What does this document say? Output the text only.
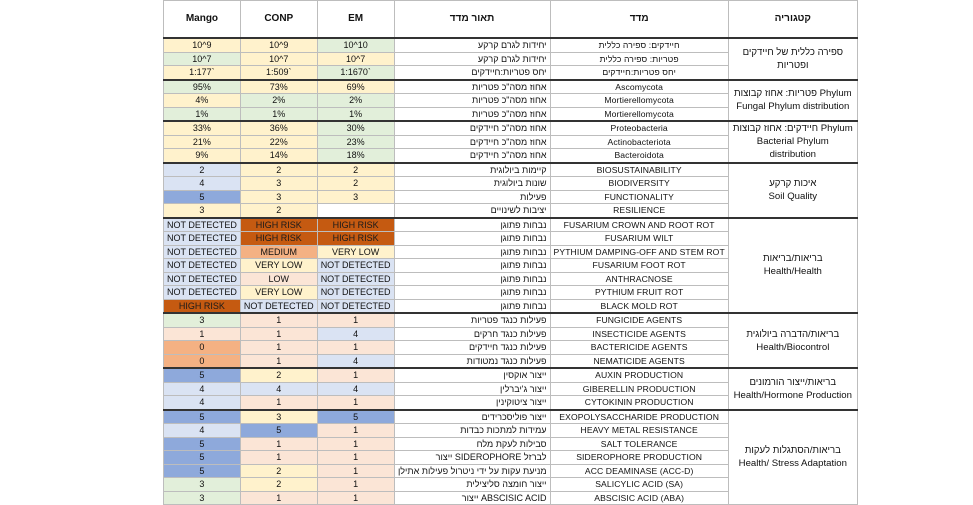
Mango	CONP	EM	תאור מדד	מדד	קטגוריה
10^9	10^9	10^10	יחידות לגרם קרקע	חיידקים: ספירה כללית	ספירה כללית של חיידקים ופטריות

10^7	10^7	10^7	יחידות לגרם קרקע	פטריות: ספירה כללית	
1:177`	1:509`	1:1670`	יחס פטריות:חיידקים	יחס פטריות:חיידקים	
95%	73%	69%	אחוז מסה"כ פטריות	Ascomycota	פטריות: אחוז קבוצות Phylum
Fungal Phylum distribution

4%	2%	2%	אחוז מסה"כ פטריות	Mortierellomycota	
1%	1%	1%	אחוז מסה"כ פטריות	Mortierellomycota	
33%	36%	30%	אחוז מסה"כ חיידקים	Proteobacteria	חיידקים: אחוז קבוצות Phylum
Bacterial Phylum
distribution

21%	22%	23%	אחוז מסה"כ חיידקים	Actinobacteriota	
9%	14%	18%	אחוז מסה"כ חיידקים	Bacteroidota	
2	2	2	קיימות ביולוגית	BIOSUSTAINABILITY	איכות קרקע
Soil Quality

4	3	2	שונות ביולוגית	BIODIVERSITY	
5	3	3	פעילות	FUNCTIONALITY	
3	2		יציבות לשינויים	RESILIENCE	
NOT DETECTED	HIGH RISK	HIGH RISK	נבחות פתוגן	FUSARIUM CROWN AND ROOT ROT	בריאות/בריאות
Health/Health

NOT DETECTED	HIGH RISK	HIGH RISK	נבחות פתוגן	FUSARIUM WILT	
NOT DETECTED	MEDIUM	VERY LOW	נבחות פתוגן	PYTHIUM DAMPING-OFF AND STEM ROT	
NOT DETECTED	VERY LOW	NOT DETECTED	נבחות פתוגן	FUSARIUM FOOT ROT	
NOT DETECTED	LOW	NOT DETECTED	נבחות פתוגן	ANTHRACNOSE	
NOT DETECTED	VERY LOW	NOT DETECTED	נבחות פתוגן	PYTHIUM FRUIT ROT	
HIGH RISK	NOT DETECTED	NOT DETECTED	נבחות פתוגן	BLACK MOLD ROT	
3	1	1	פעילות כנגד פטריות	FUNGICIDE AGENTS	בריאות/הדברה ביולוגית
Health/Biocontrol

1	1	4	פעילות כנגד חרקים	INSECTICIDE AGENTS	
0	1	1	פעילות כנגד חיידקים	BACTERICIDE AGENTS	
0	1	4	פעילות כנגד נמטודות	NEMATICIDE AGENTS	
5	2	1	ייצור אוקסין	AUXIN PRODUCTION	בריאות/ייצור הורמונים
Health/Hormone Production

4	4	4	ייצור ג'יברלין	GIBERELLIN PRODUCTION	
4	1	1	ייצור ציטוקינין	CYTOKININ PRODUCTION	
5	3	5	ייצור פוליסכרידים	EXOPOLYSACCHARIDE PRODUCTION	בריאות/הסתגלות לעקות
Health/ Stress Adaptation

4	5	1	עמידות למתכות כבדות	HEAVY METAL RESISTANCE	
5	1	1	סבילות לעקת מלח	SALT TOLERANCE	
5	1	1	ייצור SIDEROPHORE לברזל	SIDEROPHORE PRODUCTION	
5	2	1	מניעת עקות על ידי ניטרול פעילות אתילן	ACC DEAMINASE (ACC-D)	
3	2	1	ייצור חומצה סליצילית	SALICYLIC ACID (SA)	
3	1	1	ייצור ABSCISIC ACID	ABSCISIC ACID (ABA)	
